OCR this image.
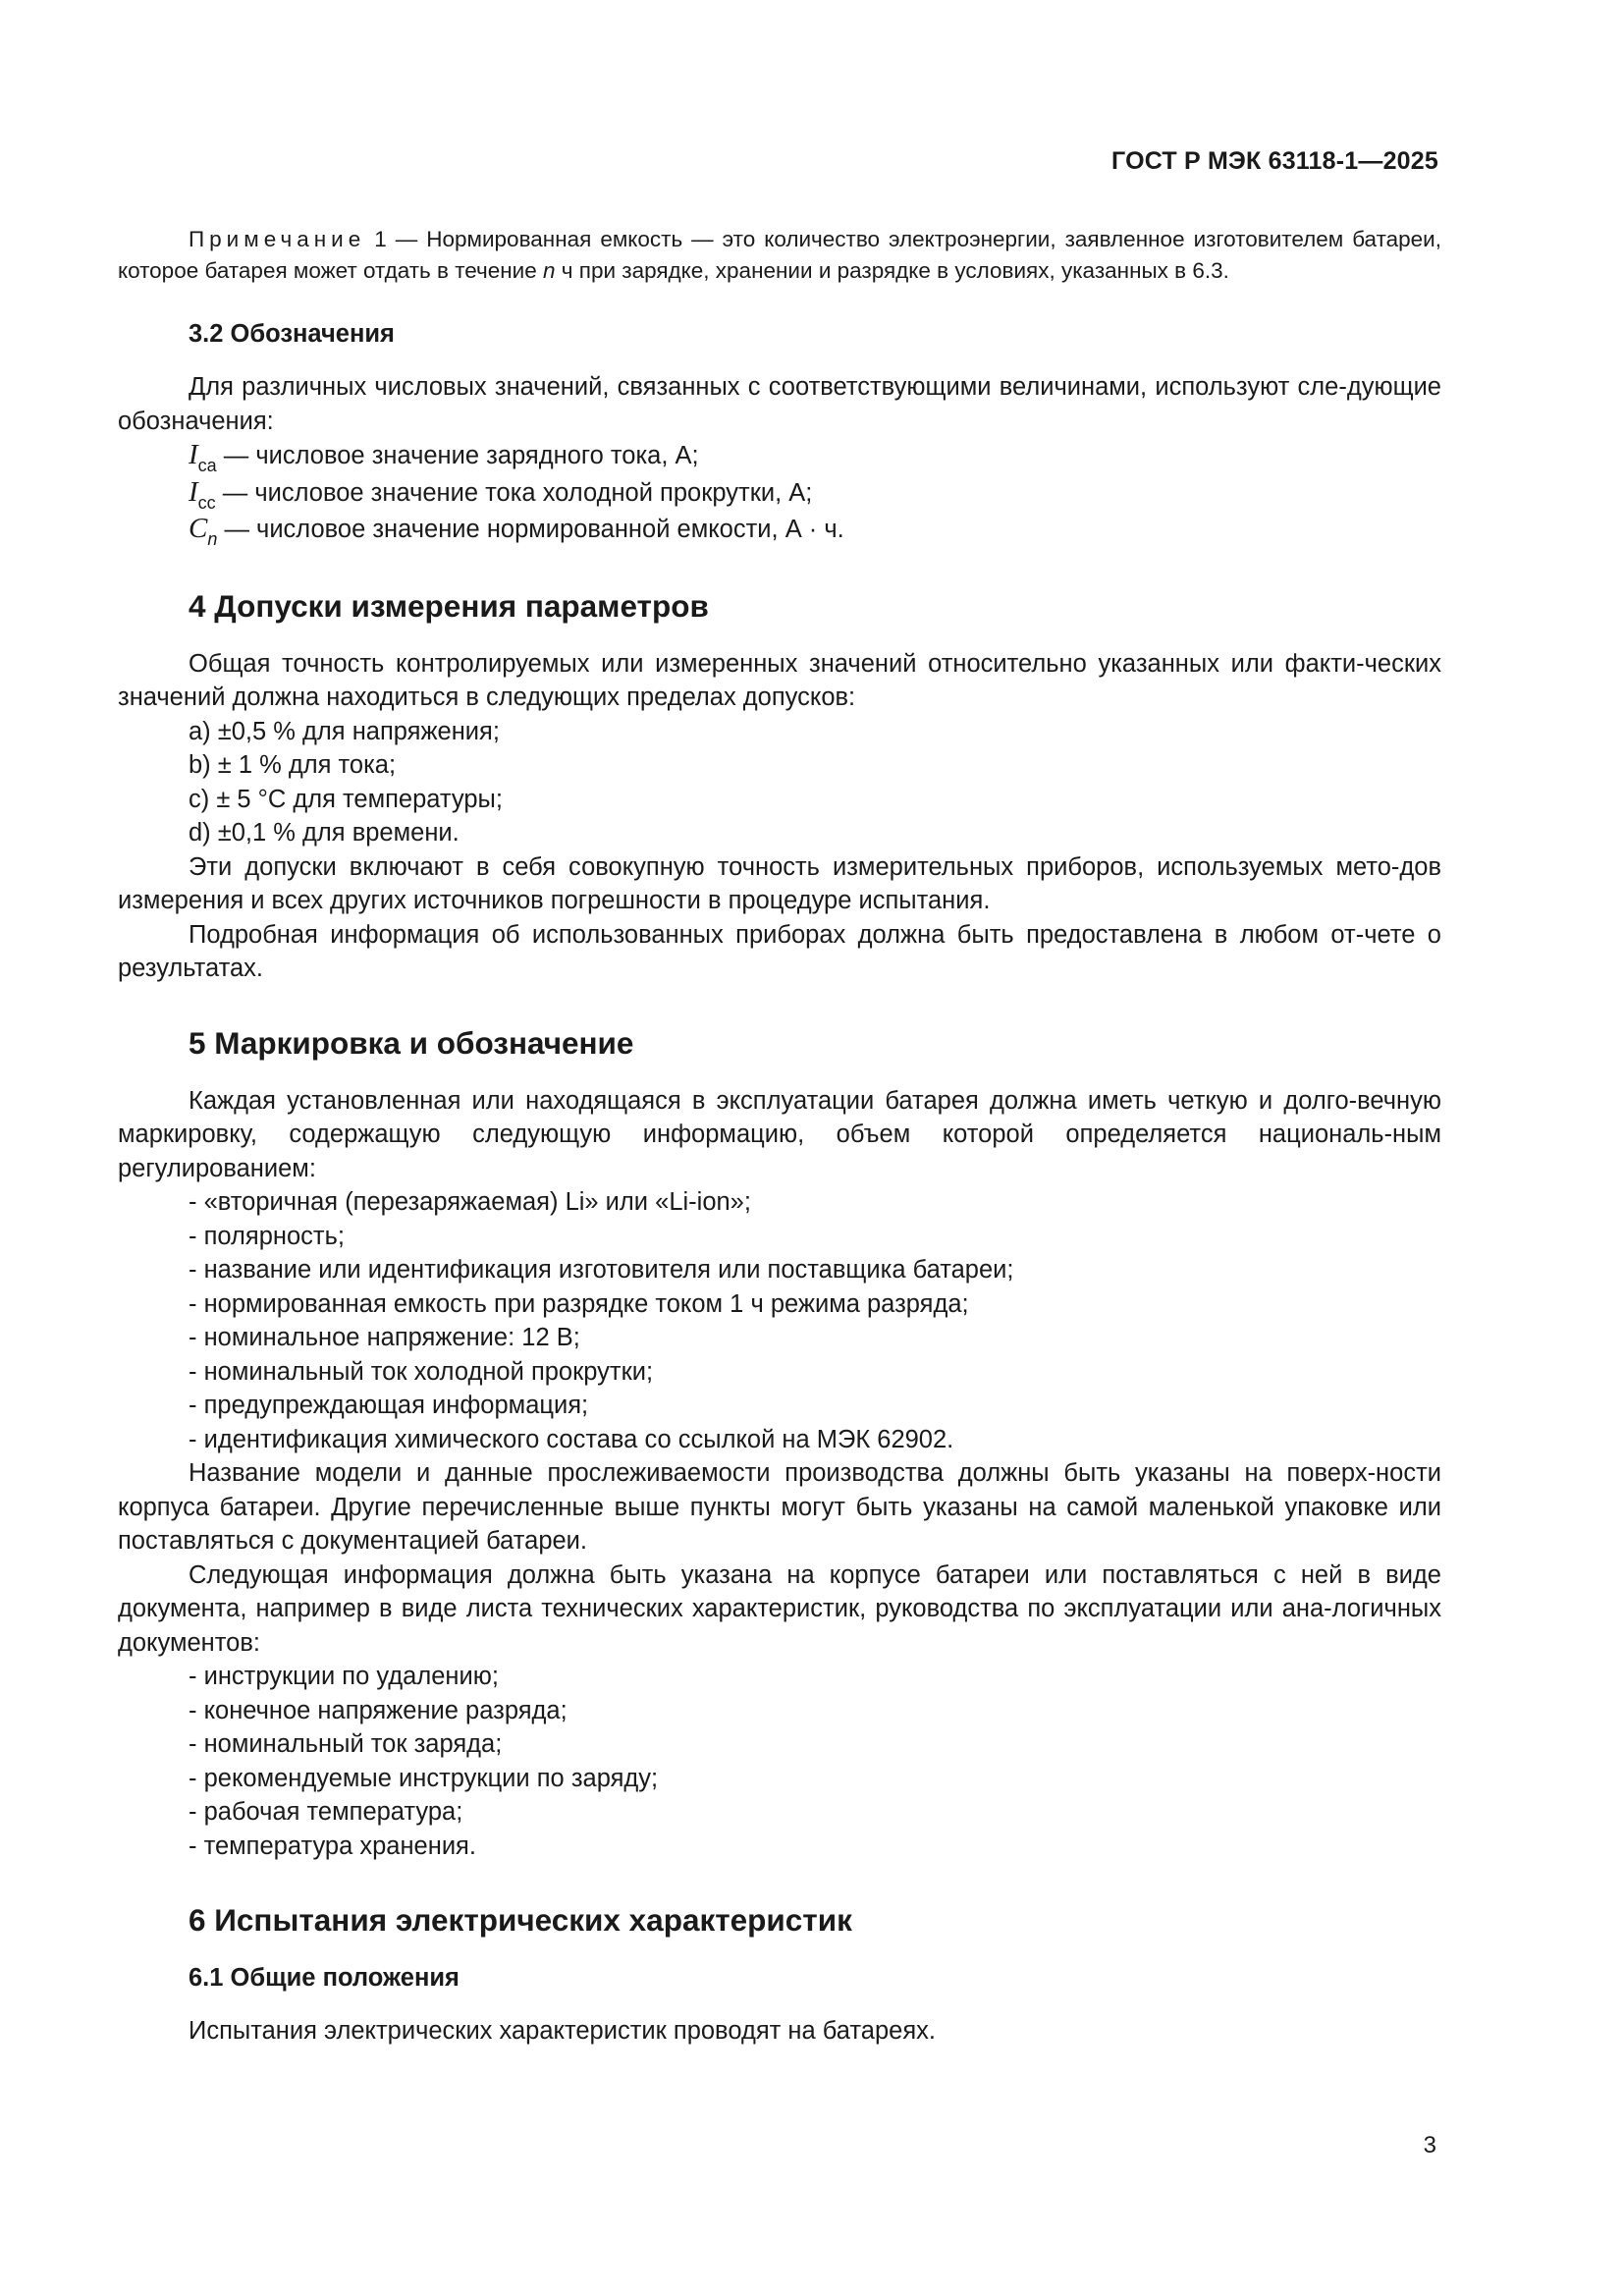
ГОСТ Р МЭК 63118-1—2025

Примечание 1 — Нормированная емкость — это количество электроэнергии, заявленное изготовителем батареи, которое батарея может отдать в течение n ч при зарядке, хранении и разрядке в условиях, указанных в 6.3.

3.2 Обозначения

Для различных числовых значений, связанных с соответствующими величинами, используют сле-дующие обозначения:

$I_{ca}$ — числовое значение зарядного тока, А;

$I_{cc}$ — числовое значение тока холодной прокрутки, А;

$C_n$ — числовое значение нормированной емкости, А · ч.

4 Допуски измерения параметров

Общая точность контролируемых или измеренных значений относительно указанных или факти-ческих значений должна находиться в следующих пределах допусков:

a) ±0,5 % для напряжения;

b) ± 1 % для тока;

c) ± 5 °С для температуры;

d) ±0,1 % для времени.

Эти допуски включают в себя совокупную точность измерительных приборов, используемых мето-дов измерения и всех других источников погрешности в процедуре испытания.

Подробная информация об использованных приборах должна быть предоставлена в любом от-чете о результатах.

5 Маркировка и обозначение

Каждая установленная или находящаяся в эксплуатации батарея должна иметь четкую и долго-вечную маркировку, содержащую следующую информацию, объем которой определяется националь-ным регулированием:

- «вторичная (перезаряжаемая) Li» или «Li-ion»;

- полярность;

- название или идентификация изготовителя или поставщика батареи;

- нормированная емкость при разрядке током 1 ч режима разряда;

- номинальное напряжение: 12 В;

- номинальный ток холодной прокрутки;

- предупреждающая информация;

- идентификация химического состава со ссылкой на МЭК 62902.

Название модели и данные прослеживаемости производства должны быть указаны на поверх-ности корпуса батареи. Другие перечисленные выше пункты могут быть указаны на самой маленькой упаковке или поставляться с документацией батареи.

Следующая информация должна быть указана на корпусе батареи или поставляться с ней в виде документа, например в виде листа технических характеристик, руководства по эксплуатации или ана-логичных документов:

- инструкции по удалению;

- конечное напряжение разряда;

- номинальный ток заряда;

- рекомендуемые инструкции по заряду;

- рабочая температура;

- температура хранения.

6 Испытания электрических характеристик
6.1 Общие положения

Испытания электрических характеристик проводят на батареях.

3
